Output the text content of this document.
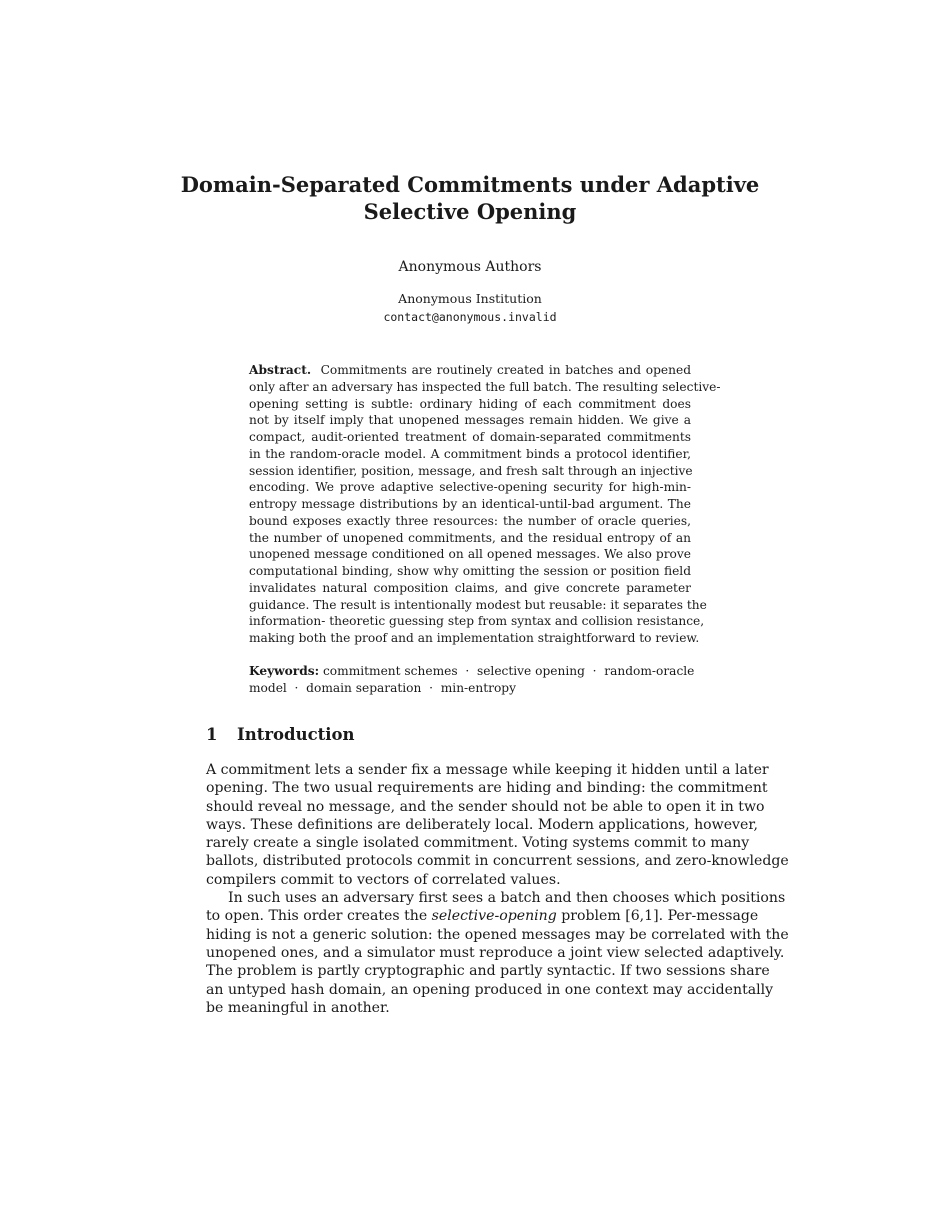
Domain-Separated Commitments under Adaptive
Selective Opening
Anonymous Authors
Anonymous Institution
contact@anonymous.invalid
Abstract. Commitments are routinely created in batches and opened
only after an adversary has inspected the full batch. The resulting selective-
opening setting is subtle: ordinary hiding of each commitment does
not by itself imply that unopened messages remain hidden. We give a
compact, audit-oriented treatment of domain-separated commitments
in the random-oracle model. A commitment binds a protocol identifier,
session identifier, position, message, and fresh salt through an injective
encoding. We prove adaptive selective-opening security for high-min-
entropy message distributions by an identical-until-bad argument. The
bound exposes exactly three resources: the number of oracle queries,
the number of unopened commitments, and the residual entropy of an
unopened message conditioned on all opened messages. We also prove
computational binding, show why omitting the session or position field
invalidates natural composition claims, and give concrete parameter
guidance. The result is intentionally modest but reusable: it separates the
information- theoretic guessing step from syntax and collision resistance,
making both the proof and an implementation straightforward to review.
Keywords: commitment schemes  ·  selective opening  ·  random-oracle
model  ·  domain separation  ·  min-entropy
1 Introduction
A commitment lets a sender fix a message while keeping it hidden until a later
opening. The two usual requirements are hiding and binding: the commitment
should reveal no message, and the sender should not be able to open it in two
ways. These definitions are deliberately local. Modern applications, however,
rarely create a single isolated commitment. Voting systems commit to many
ballots, distributed protocols commit in concurrent sessions, and zero-knowledge
compilers commit to vectors of correlated values.
In such uses an adversary first sees a batch and then chooses which positions
to open. This order creates the selective-opening problem [6,1]. Per-message
hiding is not a generic solution: the opened messages may be correlated with the
unopened ones, and a simulator must reproduce a joint view selected adaptively.
The problem is partly cryptographic and partly syntactic. If two sessions share
an untyped hash domain, an opening produced in one context may accidentally
be meaningful in another.
